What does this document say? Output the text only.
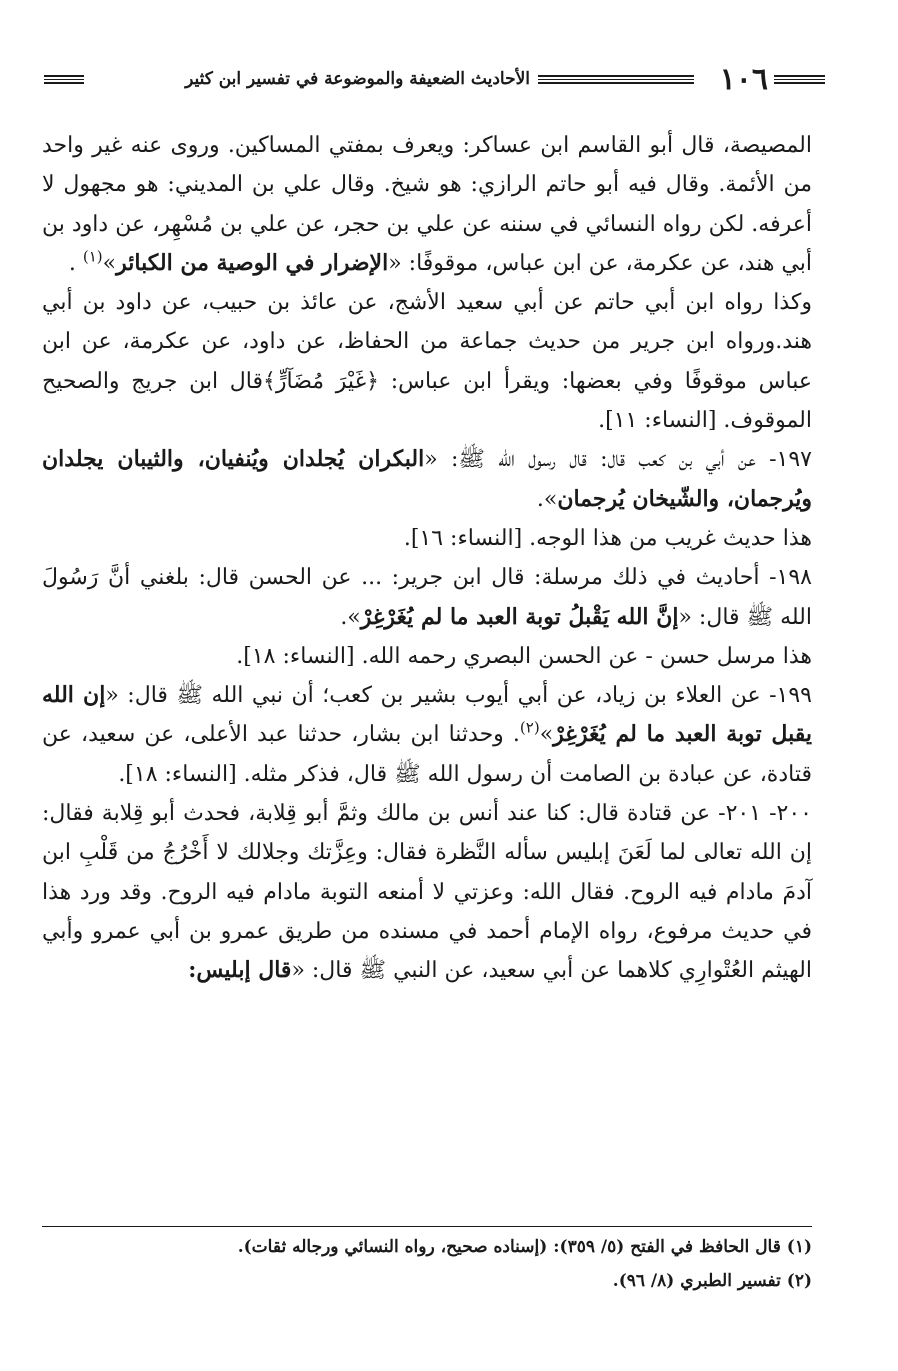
١٠٦
الأحاديث الضعيفة والموضوعة في تفسير ابن كثير

المصيصة، قال أبو القاسم ابن عساكر: ويعرف بمفتي المساكين. وروى عنه غير واحد من الأئمة. وقال فيه أبو حاتم الرازي: هو شيخ. وقال علي بن المديني: هو مجهول لا أعرفه. لكن رواه النسائي في سننه عن علي بن حجر، عن علي بن مُسْهِر، عن داود بن أبي هند، عن عكرمة، عن ابن عباس، موقوفًا: «الإضرار في الوصية من الكبائر»$^{(١)}$ .

وكذا رواه ابن أبي حاتم عن أبي سعيد الأشج، عن عائذ بن حبيب، عن داود بن أبي هند.ورواه ابن جرير من حديث جماعة من الحفاظ، عن داود، عن عكرمة، عن ابن عباس موقوفًا وفي بعضها: ويقرأ ابن عباس: ﴿غَيْرَ مُضَآرٍّ﴾قال ابن جريج والصحيح الموقوف. [النساء: ١١].

١٩٧- عن أبي بن كعب قال: قال رسول الله ﷺ: «البكران يُجلدان ويُنفيان، والثيبان يجلدان ويُرجمان، والشّيخان يُرجمان».

هذا حديث غريب من هذا الوجه. [النساء: ١٦].

١٩٨- أحاديث في ذلك مرسلة: قال ابن جرير: ... عن الحسن قال: بلغني أنَّ رَسُولَ الله ﷺ قال: «إنَّ الله يَقْبلُ توبة العبد ما لم يُغَرْغِرْ».

هذا مرسل حسن - عن الحسن البصري رحمه الله. [النساء: ١٨].

١٩٩- عن العلاء بن زياد، عن أبي أيوب بشير بن كعب؛ أن نبي الله ﷺ قال: «إن الله يقبل توبة العبد ما لم يُغَرْغِرْ»$^{(٢)}$. وحدثنا ابن بشار، حدثنا عبد الأعلى، عن سعيد، عن قتادة، عن عبادة بن الصامت أن رسول الله ﷺ قال، فذكر مثله. [النساء: ١٨].

٢٠٠- ٢٠١- عن قتادة قال: كنا عند أنس بن مالك وثمَّ أبو قِلابة، فحدث أبو قِلابة فقال: إن الله تعالى لما لَعَنَ إبليس سأله النَّظرة فقال: وعِزَّتك وجلالك لا أَخْرُجُ من قَلْبِ ابن آدمَ مادام فيه الروح. فقال الله: وعزتي لا أمنعه التوبة مادام فيه الروح. وقد ورد هذا في حديث مرفوع، رواه الإمام أحمد في مسنده من طريق عمرو بن أبي عمرو وأبي الهيثم العُتْوارِي كلاهما عن أبي سعيد، عن النبي ﷺ قال: «قال إبليس:

(١) قال الحافظ في الفتح (٥/ ٣٥٩): (إسناده صحيح، رواه النسائي ورجاله ثقات).

(٢) تفسير الطبري (٨/ ٩٦).
